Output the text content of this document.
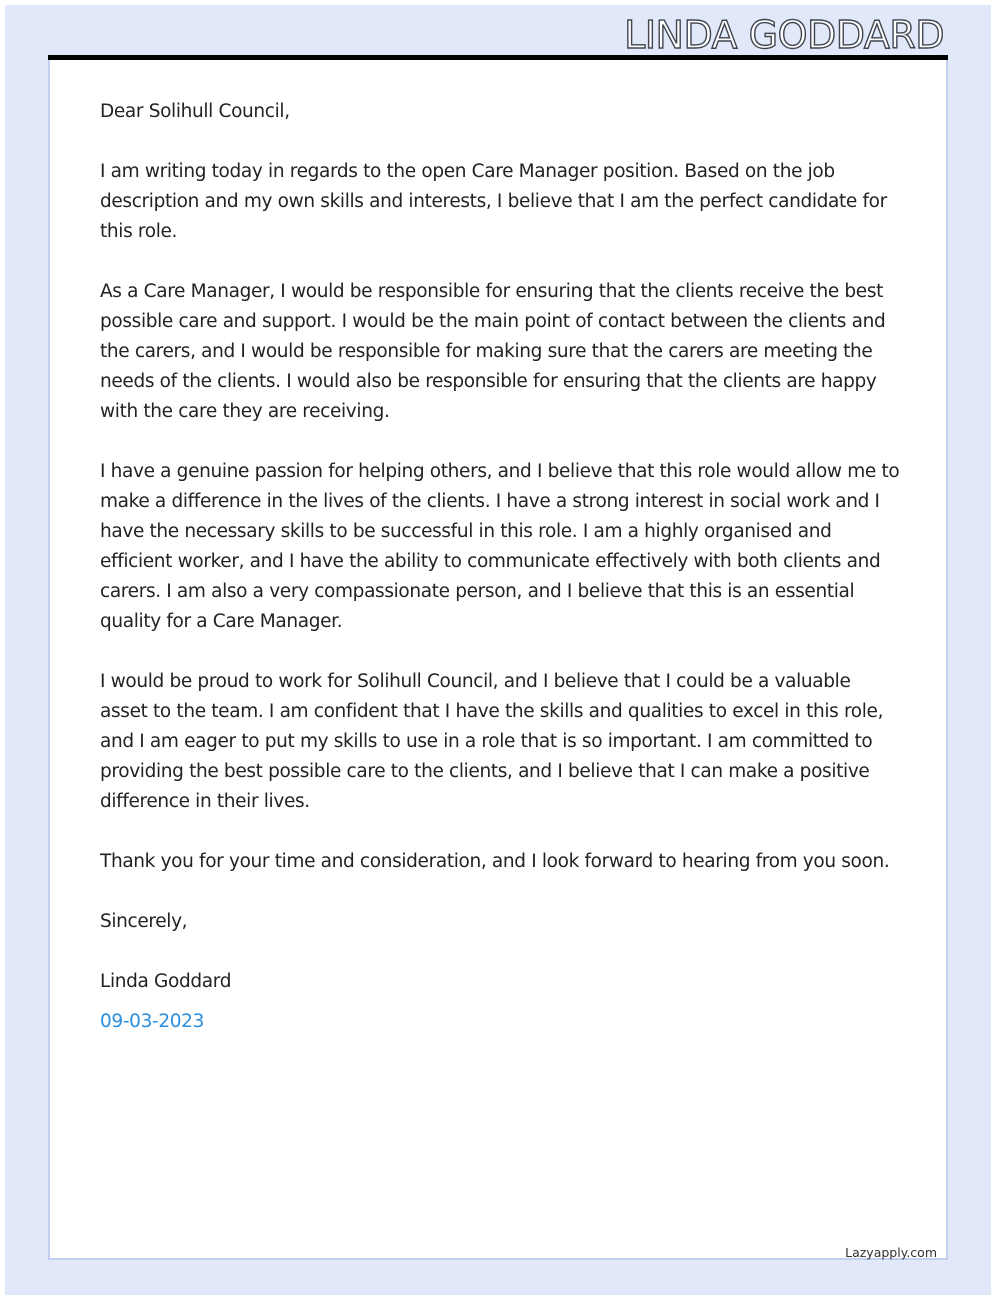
LINDA GODDARD

Dear Solihull Council,

I am writing today in regards to the open Care Manager position. Based on the job description and my own skills and interests, I believe that I am the perfect candidate for this role.

As a Care Manager, I would be responsible for ensuring that the clients receive the best possible care and support. I would be the main point of contact between the clients and the carers, and I would be responsible for making sure that the carers are meeting the needs of the clients. I would also be responsible for ensuring that the clients are happy with the care they are receiving.

I have a genuine passion for helping others, and I believe that this role would allow me to make a difference in the lives of the clients. I have a strong interest in social work and I have the necessary skills to be successful in this role. I am a highly organised and efficient worker, and I have the ability to communicate effectively with both clients and carers. I am also a very compassionate person, and I believe that this is an essential quality for a Care Manager.

I would be proud to work for Solihull Council, and I believe that I could be a valuable asset to the team. I am confident that I have the skills and qualities to excel in this role, and I am eager to put my skills to use in a role that is so important. I am committed to providing the best possible care to the clients, and I believe that I can make a positive difference in their lives.

Thank you for your time and consideration, and I look forward to hearing from you soon.

Sincerely,

Linda Goddard

09-03-2023

Lazyapply.com
